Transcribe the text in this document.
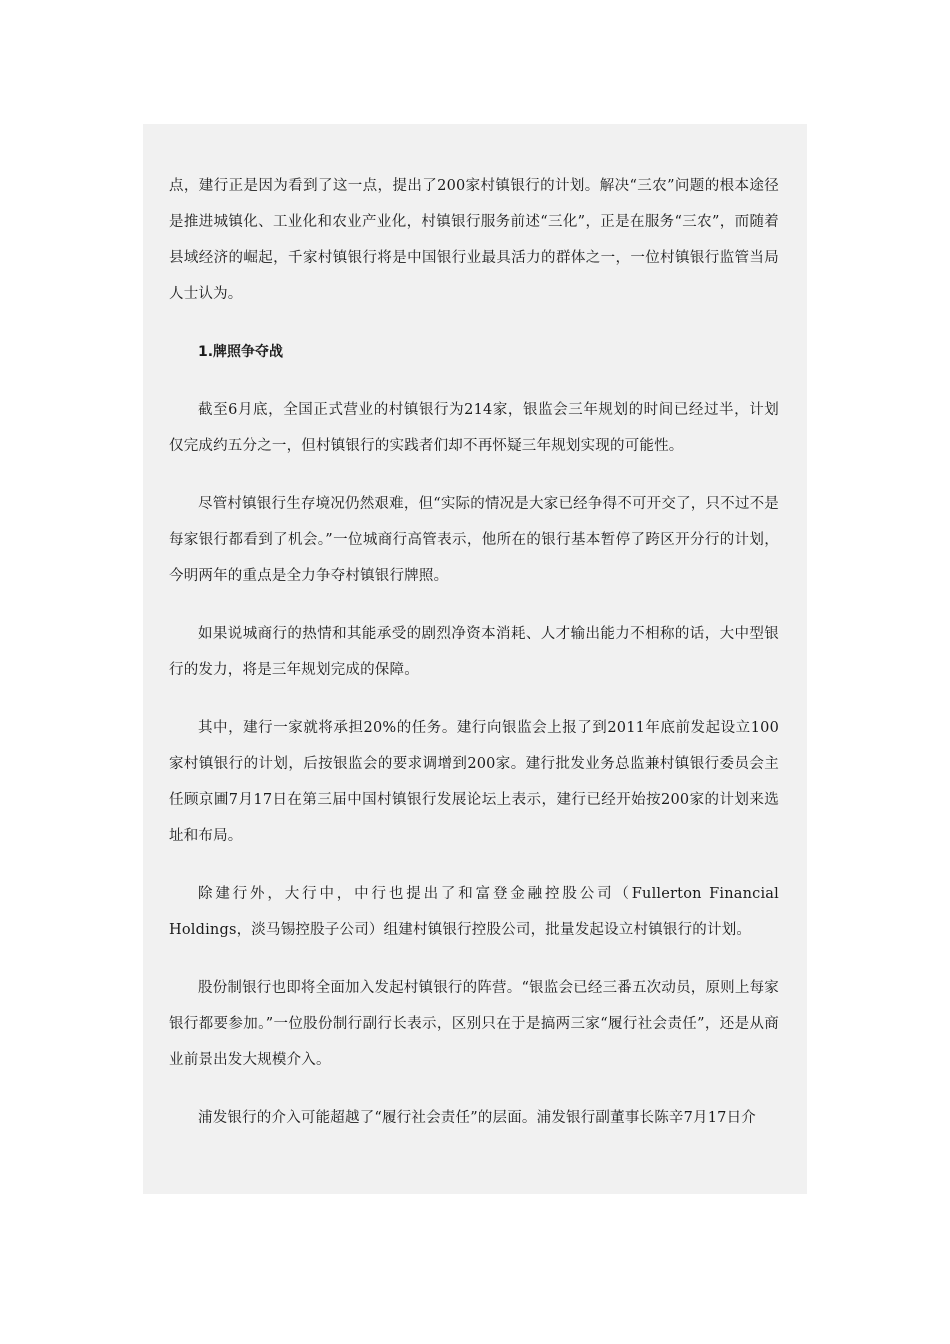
点，建行正是因为看到了这一点，提出了200家村镇银行的计划。解决“三农”问题的根本途径是推进城镇化、工业化和农业产业化，村镇银行服务前述“三化”，正是在服务“三农”，而随着县域经济的崛起，千家村镇银行将是中国银行业最具活力的群体之一，一位村镇银行监管当局人士认为。

1.牌照争夺战

截至6月底，全国正式营业的村镇银行为214家，银监会三年规划的时间已经过半，计划仅完成约五分之一，但村镇银行的实践者们却不再怀疑三年规划实现的可能性。

尽管村镇银行生存境况仍然艰难，但“实际的情况是大家已经争得不可开交了，只不过不是每家银行都看到了机会。”一位城商行高管表示，他所在的银行基本暂停了跨区开分行的计划，今明两年的重点是全力争夺村镇银行牌照。

如果说城商行的热情和其能承受的剧烈净资本消耗、人才输出能力不相称的话，大中型银行的发力，将是三年规划完成的保障。

其中，建行一家就将承担20%的任务。建行向银监会上报了到2011年底前发起设立100家村镇银行的计划，后按银监会的要求调增到200家。建行批发业务总监兼村镇银行委员会主任顾京圃7月17日在第三届中国村镇银行发展论坛上表示，建行已经开始按200家的计划来选址和布局。

除建行外，大行中，中行也提出了和富登金融控股公司（Fullerton Financial Holdings，淡马锡控股子公司）组建村镇银行控股公司，批量发起设立村镇银行的计划。

股份制银行也即将全面加入发起村镇银行的阵营。“银监会已经三番五次动员，原则上每家银行都要参加。”一位股份制行副行长表示，区别只在于是搞两三家“履行社会责任”，还是从商业前景出发大规模介入。

浦发银行的介入可能超越了“履行社会责任”的层面。浦发银行副董事长陈辛7月17日介
